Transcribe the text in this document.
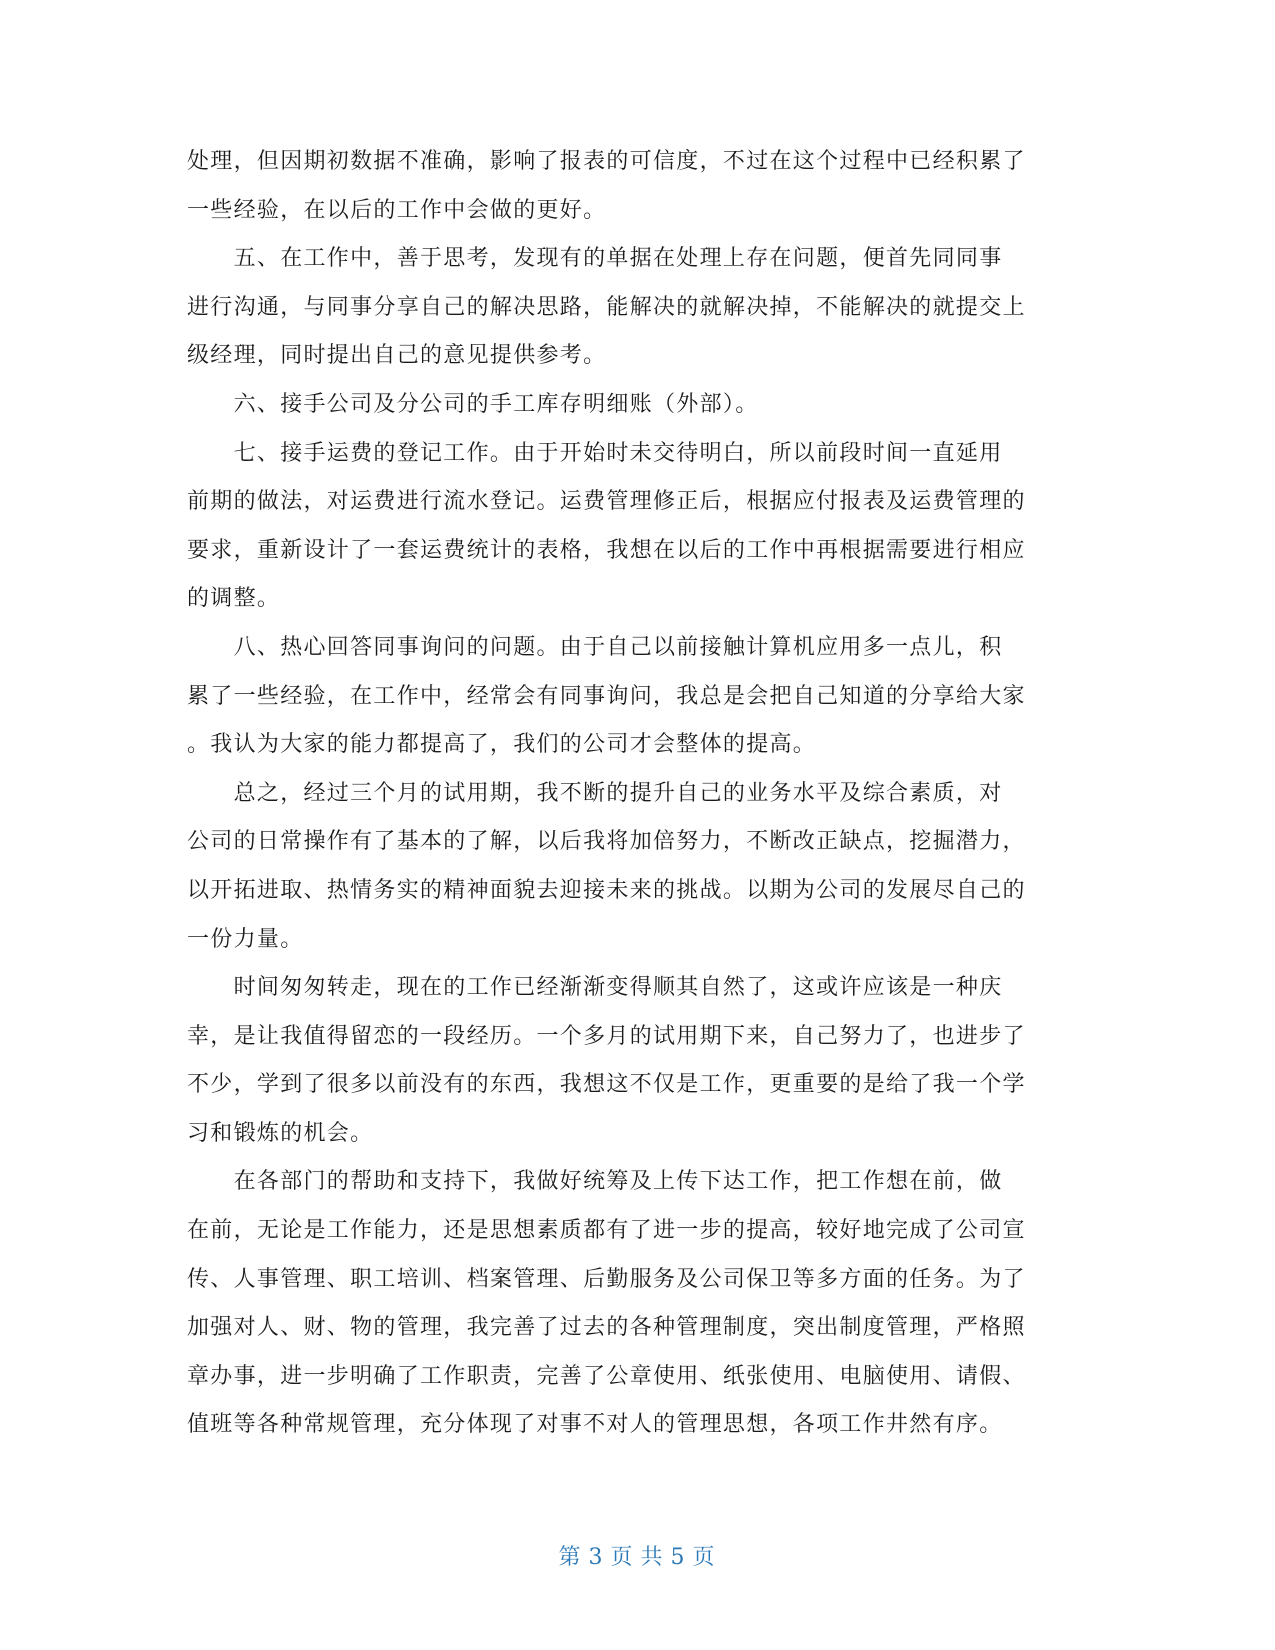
处理，但因期初数据不准确，影响了报表的可信度，不过在这个过程中已经积累了
一些经验，在以后的工作中会做的更好。
　　五、在工作中，善于思考，发现有的单据在处理上存在问题，便首先同同事
进行沟通，与同事分享自己的解决思路，能解决的就解决掉，不能解决的就提交上
级经理，同时提出自己的意见提供参考。
　　六、接手公司及分公司的手工库存明细账（外部）。
　　七、接手运费的登记工作。由于开始时未交待明白，所以前段时间一直延用
前期的做法，对运费进行流水登记。运费管理修正后，根据应付报表及运费管理的
要求，重新设计了一套运费统计的表格，我想在以后的工作中再根据需要进行相应
的调整。
　　八、热心回答同事询问的问题。由于自己以前接触计算机应用多一点儿，积
累了一些经验，在工作中，经常会有同事询问，我总是会把自己知道的分享给大家
。我认为大家的能力都提高了，我们的公司才会整体的提高。
　　总之，经过三个月的试用期，我不断的提升自己的业务水平及综合素质，对
公司的日常操作有了基本的了解，以后我将加倍努力，不断改正缺点，挖掘潜力，
以开拓进取、热情务实的精神面貌去迎接未来的挑战。以期为公司的发展尽自己的
一份力量。
　　时间匆匆转走，现在的工作已经渐渐变得顺其自然了，这或许应该是一种庆
幸，是让我值得留恋的一段经历。一个多月的试用期下来，自己努力了，也进步了
不少，学到了很多以前没有的东西，我想这不仅是工作，更重要的是给了我一个学
习和锻炼的机会。
　　在各部门的帮助和支持下，我做好统筹及上传下达工作，把工作想在前，做
在前，无论是工作能力，还是思想素质都有了进一步的提高，较好地完成了公司宣
传、人事管理、职工培训、档案管理、后勤服务及公司保卫等多方面的任务。为了
加强对人、财、物的管理，我完善了过去的各种管理制度，突出制度管理，严格照
章办事，进一步明确了工作职责，完善了公章使用、纸张使用、电脑使用、请假、
值班等各种常规管理，充分体现了对事不对人的管理思想，各项工作井然有序。
第 3 页 共 5 页
